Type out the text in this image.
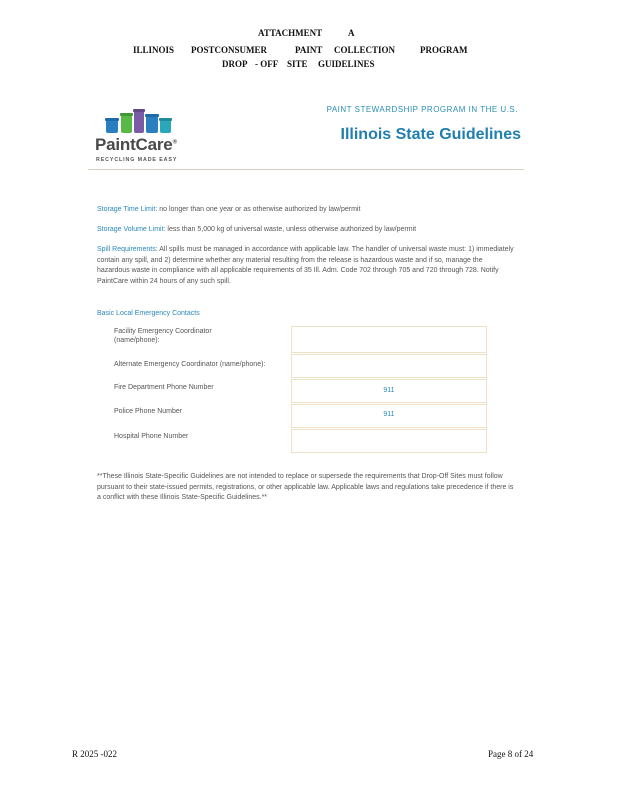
ATTACHMENT	A
ILLINOIS POSTCONSUMER	PAINT COLLECTION	PROGRAM
DROP - OFF SITE GUIDELINES
PaintCare®
RECYCLING MADE EASY
PAINT STEWARDSHIP PROGRAM IN THE U.S.
Illinois State Guidelines
Storage Time Limit: no longer than one year or as otherwise authorized by law/permit
Storage Volume Limit: less than 5,000 kg of universal waste, unless otherwise authorized by law/permit
Spill Requirements: All spills must be managed in accordance with applicable law. The handler of universal waste must: 1) immediately contain any spill, and 2) determine whether any material resulting from the release is hazardous waste and if so, manage the hazardous waste in compliance with all applicable requirements of 35 Ill. Adm. Code 702 through 705 and 720 through 728. Notify PaintCare within 24 hours of any such spill.
Basic Local Emergency Contacts
Facility Emergency Coordinator (name/phone):
Alternate Emergency Coordinator (name/phone):
Fire Department Phone Number	911
Police Phone Number	911
Hospital Phone Number
**These Illinois State-Specific Guidelines are not intended to replace or supersede the requirements that Drop-Off Sites must follow pursuant to their state-issued permits, registrations, or other applicable law. Applicable laws and regulations take precedence if there is a conflict with these Illinois State-Specific Guidelines.**
R 2025 -022	Page 8 of 24
